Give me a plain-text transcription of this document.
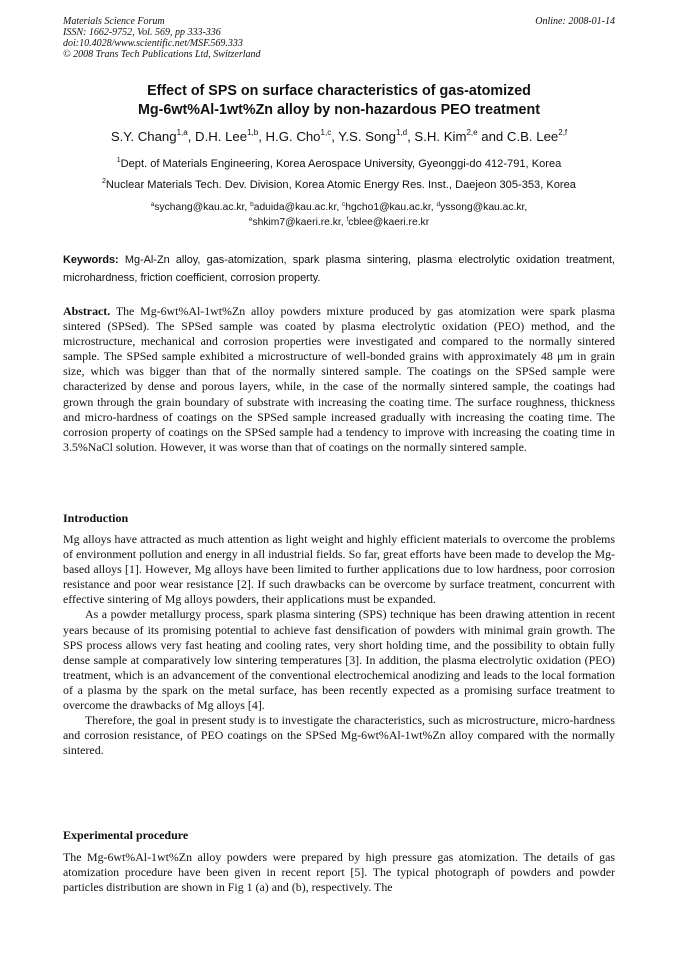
Materials Science Forum
ISSN: 1662-9752, Vol. 569, pp 333-336
doi:10.4028/www.scientific.net/MSF.569.333
© 2008 Trans Tech Publications Ltd, Switzerland
Online: 2008-01-14
Effect of SPS on surface characteristics of gas-atomized
Mg-6wt%Al-1wt%Zn alloy by non-hazardous PEO treatment
S.Y. Chang$^{1,a}$, D.H. Lee$^{1,b}$, H.G. Cho$^{1,c}$, Y.S. Song$^{1,d}$, S.H. Kim$^{2,e}$ and C.B. Lee$^{2,f}$
$^1$Dept. of Materials Engineering, Korea Aerospace University, Gyeonggi-do 412-791, Korea
$^2$Nuclear Materials Tech. Dev. Division, Korea Atomic Energy Res. Inst., Daejeon 305-353, Korea
$^a$sychang@kau.ac.kr, $^b$aduida@kau.ac.kr, $^c$hgcho1@kau.ac.kr, $^d$yssong@kau.ac.kr,
$^e$shkim7@kaeri.re.kr, $^f$cblee@kaeri.re.kr
Keywords: Mg-Al-Zn alloy, gas-atomization, spark plasma sintering, plasma electrolytic oxidation treatment, microhardness, friction coefficient, corrosion property.

Abstract. The Mg-6wt%Al-1wt%Zn alloy powders mixture produced by gas atomization were spark plasma sintered (SPSed). The SPSed sample was coated by plasma electrolytic oxidation (PEO) method, and the microstructure, mechanical and corrosion properties were investigated and compared to the normally sintered sample. The SPSed sample exhibited a microstructure of well-bonded grains with approximately 48 μm in grain size, which was bigger than that of the normally sintered sample. The coatings on the SPSed sample were characterized by dense and porous layers, while, in the case of the normally sintered sample, the coatings had grown through the grain boundary of substrate with increasing the coating time. The surface roughness, thickness and micro-hardness of coatings on the SPSed sample increased gradually with increasing the coating time. The corrosion property of coatings on the SPSed sample had a tendency to improve with increasing the coating time in 3.5%NaCl solution. However, it was worse than that of coatings on the normally sintered sample.

Introduction

Mg alloys have attracted as much attention as light weight and highly efficient materials to overcome the problems of environment pollution and energy in all industrial fields. So far, great efforts have been made to develop the Mg-based alloys [1]. However, Mg alloys have been limited to further applications due to low hardness, poor corrosion resistance and poor wear resistance [2]. If such drawbacks can be overcome by surface treatment, concurrent with effective sintering of Mg alloys powders, their applications must be expanded.

As a powder metallurgy process, spark plasma sintering (SPS) technique has been drawing attention in recent years because of its promising potential to achieve fast densification of powders with minimal grain growth. The SPS process allows very fast heating and cooling rates, very short holding time, and the possibility to obtain fully dense sample at comparatively low sintering temperatures [3]. In addition, the plasma electrolytic oxidation (PEO) treatment, which is an advancement of the conventional electrochemical anodizing and leads to the local formation of a plasma by the spark on the metal surface, has been recently expected as a promising surface treatment to overcome the drawbacks of Mg alloys [4].

Therefore, the goal in present study is to investigate the characteristics, such as microstructure, micro-hardness and corrosion resistance, of PEO coatings on the SPSed Mg-6wt%Al-1wt%Zn alloy compared with the normally sintered.

Experimental procedure

The Mg-6wt%Al-1wt%Zn alloy powders were prepared by high pressure gas atomization. The details of gas atomization procedure have been given in recent report [5]. The typical photograph of powders and powder particles distribution are shown in Fig 1 (a) and (b), respectively. The
